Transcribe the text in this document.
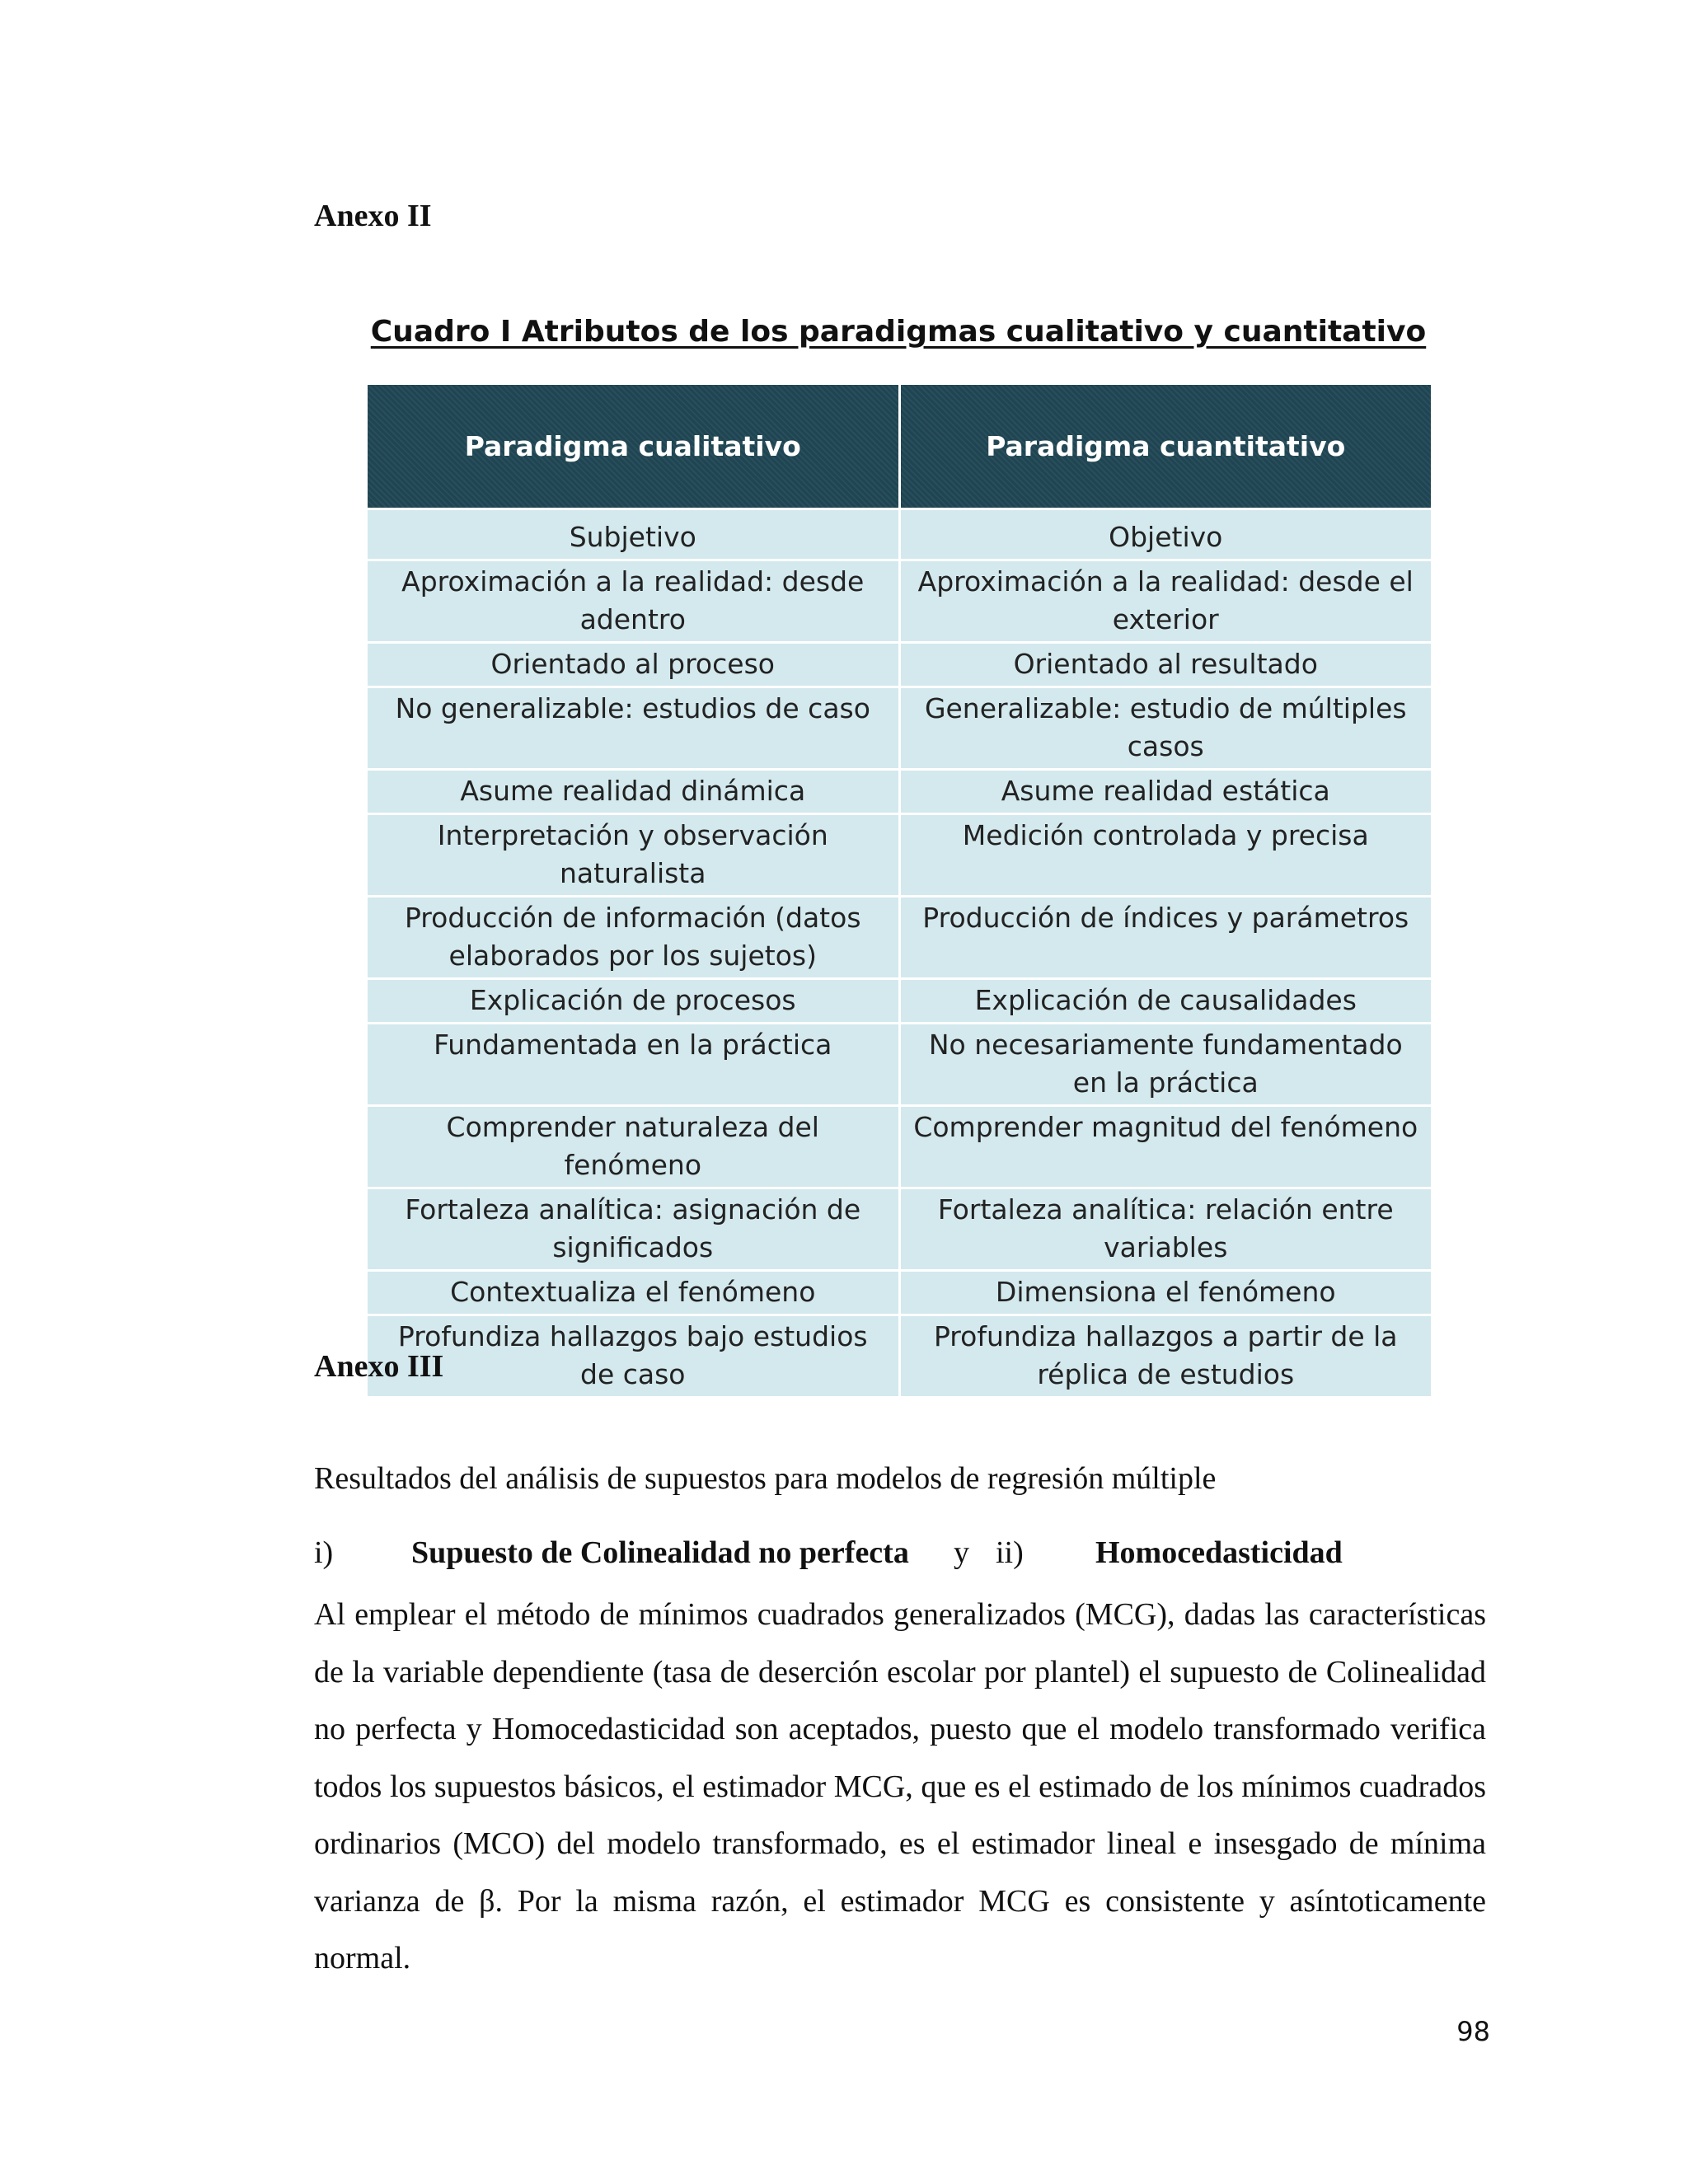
Anexo II
Cuadro I Atributos de los paradigmas cualitativo y cuantitativo
Paradigma cualitativo	Paradigma cuantitativo
Subjetivo	Objetivo
Aproximación a la realidad: desde adentro	Aproximación a la realidad: desde el exterior
Orientado al proceso	Orientado al resultado
No generalizable: estudios de caso	Generalizable: estudio de múltiples casos
Asume realidad dinámica	Asume realidad estática
Interpretación y observación naturalista	Medición controlada y precisa
Producción de información (datos elaborados por los sujetos)	Producción de índices y parámetros
Explicación de procesos	Explicación de causalidades
Fundamentada en la práctica	No necesariamente fundamentado en la práctica
Comprender naturaleza del fenómeno	Comprender magnitud del fenómeno
Fortaleza analítica: asignación de significados	Fortaleza analítica: relación entre variables
Contextualiza el fenómeno	Dimensiona el fenómeno
Profundiza hallazgos bajo estudios de caso	Profundiza hallazgos a partir de la réplica de estudios
Anexo III

Resultados del análisis de supuestos para modelos de regresión múltiple

i) Supuesto de Colinealidad no perfecta y ii) Homocedasticidad

Al emplear el método de mínimos cuadrados generalizados (MCG), dadas las características de la variable dependiente (tasa de deserción escolar por plantel) el supuesto de Colinealidad no perfecta y Homocedasticidad son aceptados, puesto que el modelo transformado verifica todos los supuestos básicos, el estimador MCG, que es el estimado de los mínimos cuadrados ordinarios (MCO) del modelo transformado, es el estimador lineal e insesgado de mínima varianza de β. Por la misma razón, el estimador MCG es consistente y asíntoticamente normal.

98
